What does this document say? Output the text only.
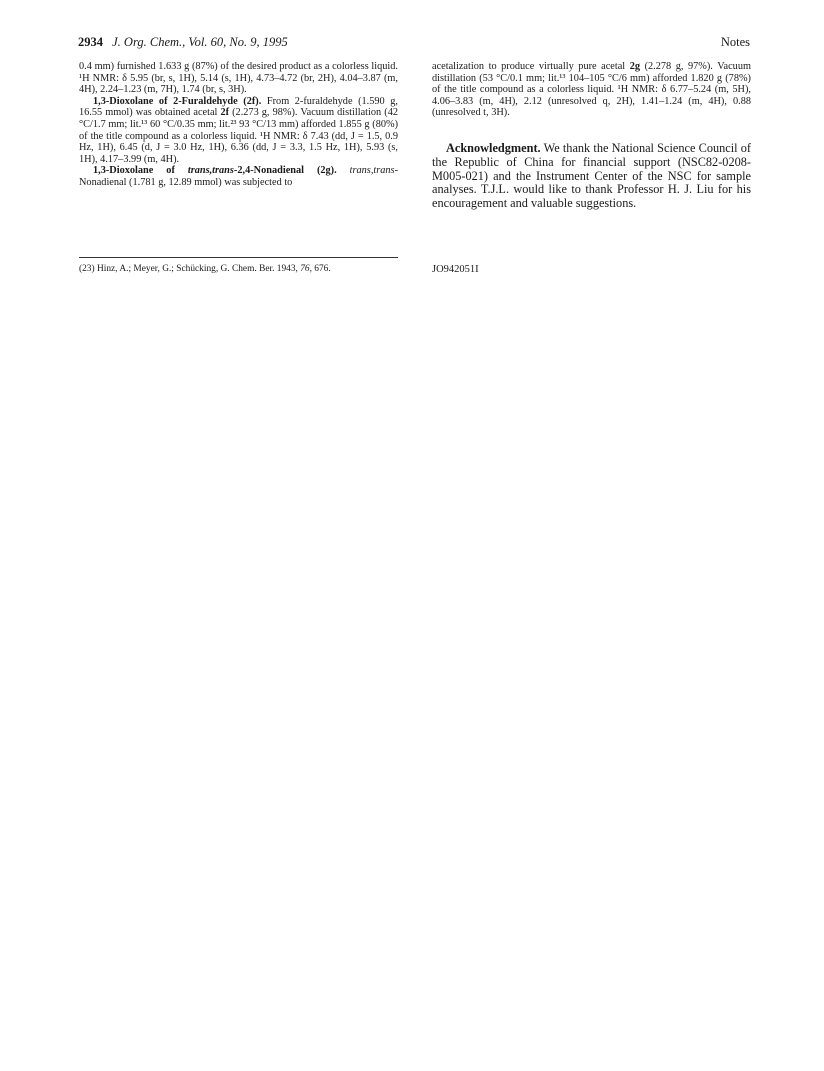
2934 J. Org. Chem., Vol. 60, No. 9, 1995	Notes

0.4 mm) furnished 1.633 g (87%) of the desired product as a colorless liquid. ¹H NMR: δ 5.95 (br, s, 1H), 5.14 (s, 1H), 4.73–4.72 (br, 2H), 4.04–3.87 (m, 4H), 2.24–1.23 (m, 7H), 1.74 (br, s, 3H).

1,3-Dioxolane of 2-Furaldehyde (2f). From 2-furaldehyde (1.590 g, 16.55 mmol) was obtained acetal 2f (2.273 g, 98%). Vacuum distillation (42 °C/1.7 mm; lit.¹³ 60 °C/0.35 mm; lit.²³ 93 °C/13 mm) afforded 1.855 g (80%) of the title compound as a colorless liquid. ¹H NMR: δ 7.43 (dd, J = 1.5, 0.9 Hz, 1H), 6.45 (d, J = 3.0 Hz, 1H), 6.36 (dd, J = 3.3, 1.5 Hz, 1H), 5.93 (s, 1H), 4.17–3.99 (m, 4H).

1,3-Dioxolane of trans,trans-2,4-Nonadienal (2g). trans,trans-Nonadienal (1.781 g, 12.89 mmol) was subjected to

(23) Hinz, A.; Meyer, G.; Schücking, G. Chem. Ber. 1943, 76, 676.

acetalization to produce virtually pure acetal 2g (2.278 g, 97%). Vacuum distillation (53 °C/0.1 mm; lit.¹³ 104–105 °C/6 mm) afforded 1.820 g (78%) of the title compound as a colorless liquid. ¹H NMR: δ 6.77–5.24 (m, 5H), 4.06–3.83 (m, 4H), 2.12 (unresolved q, 2H), 1.41–1.24 (m, 4H), 0.88 (unresolved t, 3H).

Acknowledgment. We thank the National Science Council of the Republic of China for financial support (NSC82-0208-M005-021) and the Instrument Center of the NSC for sample analyses. T.J.L. would like to thank Professor H. J. Liu for his encouragement and valuable suggestions.

JO942051I
